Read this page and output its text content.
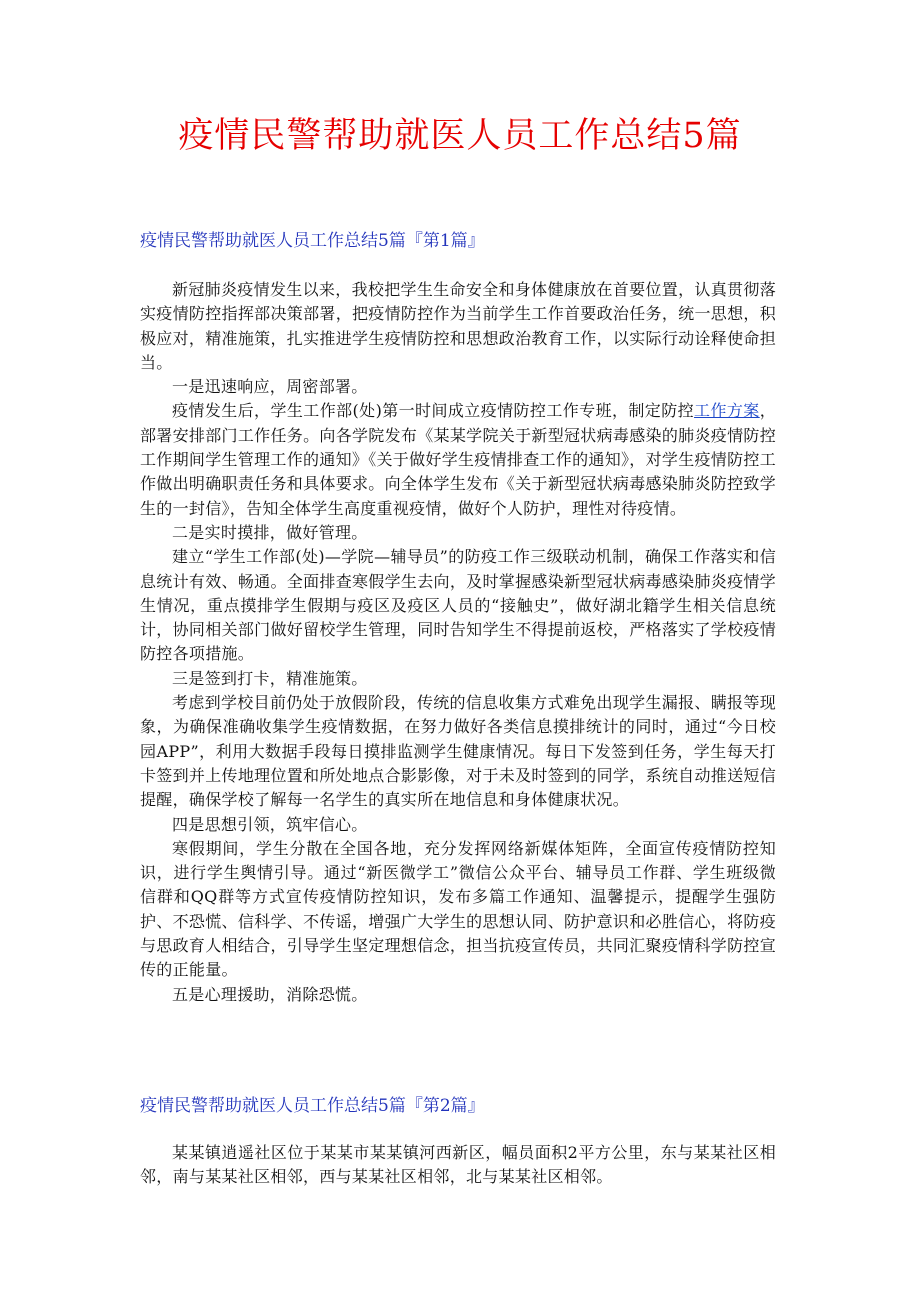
疫情民警帮助就医人员工作总结5篇
疫情民警帮助就医人员工作总结5篇『第1篇』

新冠肺炎疫情发生以来，我校把学生生命安全和身体健康放在首要位置，认真贯彻落实疫情防控指挥部决策部署，把疫情防控作为当前学生工作首要政治任务，统一思想，积极应对，精准施策，扎实推进学生疫情防控和思想政治教育工作，以实际行动诠释使命担当。

一是迅速响应，周密部署。

疫情发生后，学生工作部(处)第一时间成立疫情防控工作专班，制定防控工作方案，部署安排部门工作任务。向各学院发布《某某学院关于新型冠状病毒感染的肺炎疫情防控工作期间学生管理工作的通知》《关于做好学生疫情排查工作的通知》，对学生疫情防控工作做出明确职责任务和具体要求。向全体学生发布《关于新型冠状病毒感染肺炎防控致学生的一封信》，告知全体学生高度重视疫情，做好个人防护，理性对待疫情。

二是实时摸排，做好管理。

建立“学生工作部(处)—学院—辅导员”的防疫工作三级联动机制，确保工作落实和信息统计有效、畅通。全面排查寒假学生去向，及时掌握感染新型冠状病毒感染肺炎疫情学生情况，重点摸排学生假期与疫区及疫区人员的“接触史”，做好湖北籍学生相关信息统计，协同相关部门做好留校学生管理，同时告知学生不得提前返校，严格落实了学校疫情防控各项措施。

三是签到打卡，精准施策。

考虑到学校目前仍处于放假阶段，传统的信息收集方式难免出现学生漏报、瞒报等现象，为确保准确收集学生疫情数据，在努力做好各类信息摸排统计的同时，通过“今日校园APP”，利用大数据手段每日摸排监测学生健康情况。每日下发签到任务，学生每天打卡签到并上传地理位置和所处地点合影影像，对于未及时签到的同学，系统自动推送短信提醒，确保学校了解每一名学生的真实所在地信息和身体健康状况。

四是思想引领，筑牢信心。

寒假期间，学生分散在全国各地，充分发挥网络新媒体矩阵，全面宣传疫情防控知识，进行学生舆情引导。通过“新医微学工”微信公众平台、辅导员工作群、学生班级微信群和QQ群等方式宣传疫情防控知识，发布多篇工作通知、温馨提示，提醒学生强防护、不恐慌、信科学、不传谣，增强广大学生的思想认同、防护意识和必胜信心，将防疫与思政育人相结合，引导学生坚定理想信念，担当抗疫宣传员，共同汇聚疫情科学防控宣传的正能量。

五是心理援助，消除恐慌。

疫情民警帮助就医人员工作总结5篇『第2篇』

某某镇逍遥社区位于某某市某某镇河西新区，幅员面积2平方公里，东与某某社区相邻，南与某某社区相邻，西与某某社区相邻，北与某某社区相邻。
